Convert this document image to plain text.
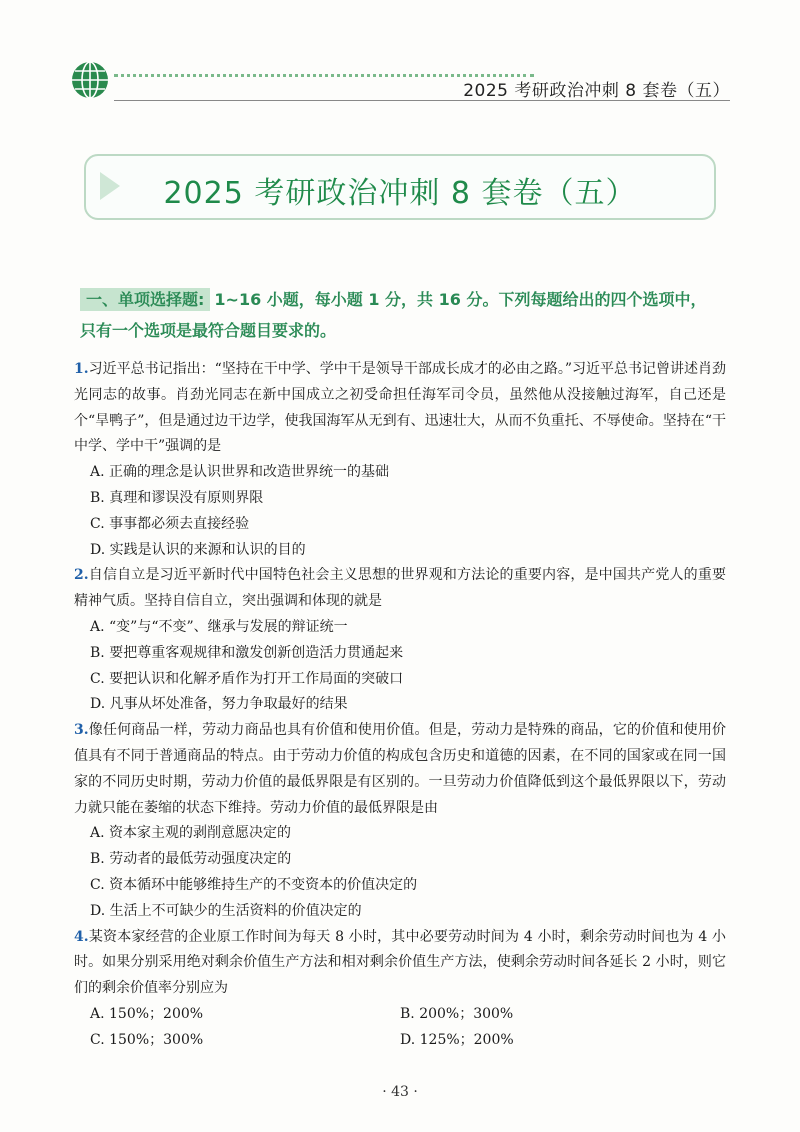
2025 考研政治冲刺 8 套卷（五）
2025 考研政治冲刺 8 套卷（五）
一、单项选择题: 1~16 小题，每小题 1 分，共 16 分。下列每题给出的四个选项中，只有一个选项是最符合题目要求的。
1.习近平总书记指出：“坚持在干中学、学中干是领导干部成长成才的必由之路。”习近平总书记曾讲述肖劲光同志的故事。肖劲光同志在新中国成立之初受命担任海军司令员，虽然他从没接触过海军，自己还是个“旱鸭子”，但是通过边干边学，使我国海军从无到有、迅速壮大，从而不负重托、不辱使命。坚持在“干中学、学中干”强调的是
A. 正确的理念是认识世界和改造世界统一的基础
B. 真理和谬误没有原则界限
C. 事事都必须去直接经验
D. 实践是认识的来源和认识的目的
2.自信自立是习近平新时代中国特色社会主义思想的世界观和方法论的重要内容，是中国共产党人的重要精神气质。坚持自信自立，突出强调和体现的就是
A. “变”与“不变”、继承与发展的辩证统一
B. 要把尊重客观规律和激发创新创造活力贯通起来
C. 要把认识和化解矛盾作为打开工作局面的突破口
D. 凡事从坏处准备，努力争取最好的结果
3.像任何商品一样，劳动力商品也具有价值和使用价值。但是，劳动力是特殊的商品，它的价值和使用价值具有不同于普通商品的特点。由于劳动力价值的构成包含历史和道德的因素，在不同的国家或在同一国家的不同历史时期，劳动力价值的最低界限是有区别的。一旦劳动力价值降低到这个最低界限以下，劳动力就只能在萎缩的状态下维持。劳动力价值的最低界限是由
A. 资本家主观的剥削意愿决定的
B. 劳动者的最低劳动强度决定的
C. 资本循环中能够维持生产的不变资本的价值决定的
D. 生活上不可缺少的生活资料的价值决定的
4.某资本家经营的企业原工作时间为每天 8 小时，其中必要劳动时间为 4 小时，剩余劳动时间也为 4 小时。如果分别采用绝对剩余价值生产方法和相对剩余价值生产方法，使剩余劳动时间各延长 2 小时，则它们的剩余价值率分别应为
A. 150%；200%	B. 200%；300%
C. 150%；300%	D. 125%；200%
· 43 ·
